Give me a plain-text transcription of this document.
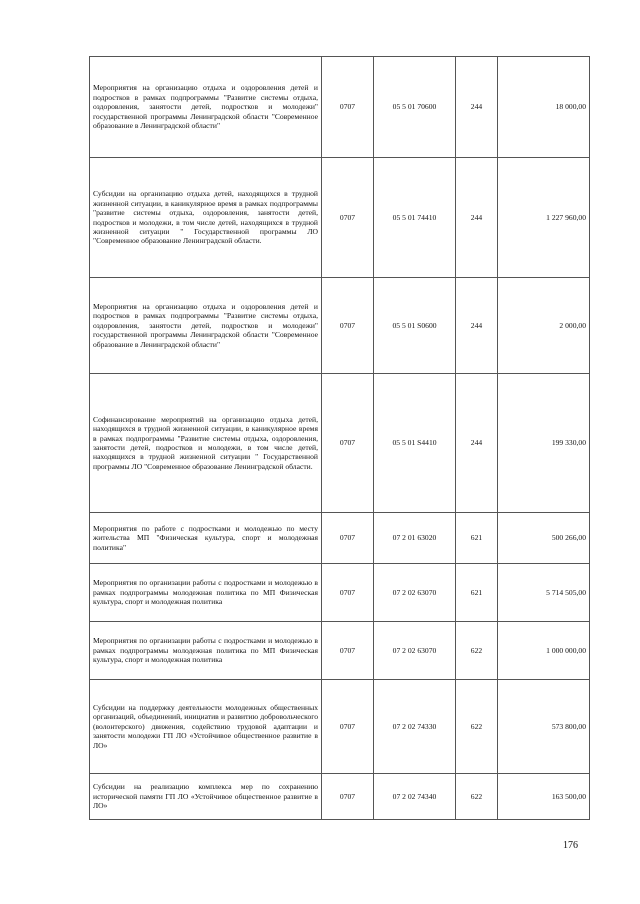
Мероприятия на организацию отдыха и оздоровления детей и подростков в рамках подпрограммы "Развитие системы отдыха, оздоровления, занятости детей, подростков и молодежи" государственной программы Ленинградской области "Современное образование в Ленинградской области"	0707	05 5 01 70600	244	18 000,00
Субсидии на организацию отдыха детей, находящихся в трудной жизненной ситуации, в каникулярное время в рамках подпрограммы "развитие системы отдыха, оздоровления, занятости детей, подростков и молодежи, в том числе детей, находящихся в трудной жизненной ситуации " Государственной программы ЛО "Современное образование Ленинградской области.	0707	05 5 01 74410	244	1 227 960,00
Мероприятия на организацию отдыха и оздоровления детей и подростков в рамках подпрограммы "Развитие системы отдыха, оздоровления, занятости детей, подростков и молодежи" государственной программы Ленинградской области "Современное образование в Ленинградской области"	0707	05 5 01 S0600	244	2 000,00
Софинансирование мероприятий на организацию отдыха детей, находящихся в трудной жизненной ситуации, в каникулярное время в рамках подпрограммы "Развитие системы отдыха, оздоровления, занятости детей, подростков и молодежи, в том числе детей, находящихся в трудной жизненной ситуации " Государственной программы ЛО "Современное образование Ленинградской области.	0707	05 5 01 S4410	244	199 330,00
Мероприятия по работе с подростками и молодежью по месту жительства МП "Физическая культура, спорт и молодежная политика"	0707	07 2 01 63020	621	500 266,00
Мероприятия по организации работы с подростками и молодежью в рамках подпрограммы молодежная политика по МП Физическая культура, спорт и молодежная политика	0707	07 2 02 63070	621	5 714 505,00
Мероприятия по организации работы с подростками и молодежью в рамках подпрограммы молодежная политика по МП Физическая культура, спорт и молодежная политика	0707	07 2 02 63070	622	1 000 000,00
Субсидии на поддержку деятельности молодежных общественных организаций, объединений, инициатив и развитию добровольческого (волонтерского) движения, содействию трудовой адаптации и занятости молодежи ГП ЛО «Устойчивое общественное развитие в ЛО»	0707	07 2 02 74330	622	573 800,00
Субсидии на реализацию комплекса мер по сохранению исторической памяти ГП ЛО «Устойчивое общественное развитие в ЛО»	0707	07 2 02 74340	622	163 500,00
176
